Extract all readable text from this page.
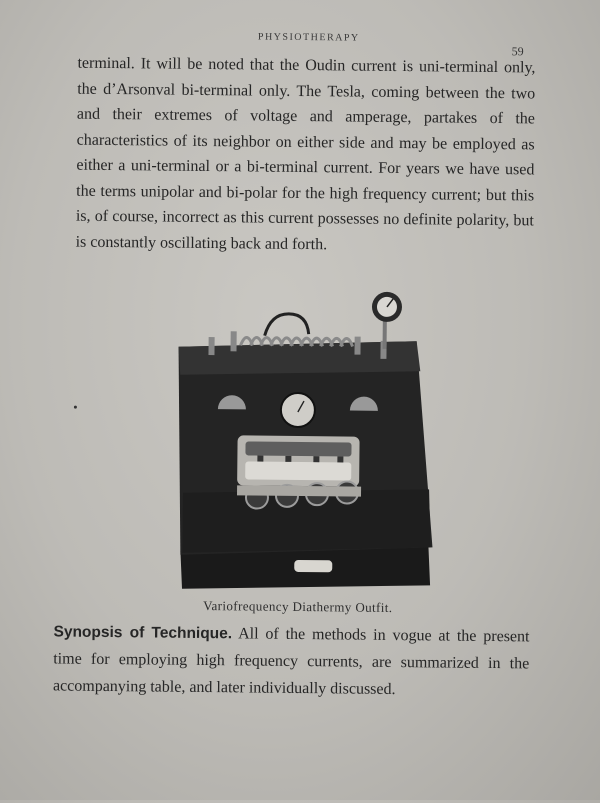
PHYSIOTHERAPY
59
terminal. It will be noted that the Oudin current is uni-terminal only, the d’Arsonval bi-terminal only. The Tesla, coming between the two and their extremes of voltage and amperage, partakes of the characteristics of its neighbor on either side and may be employed as either a uni-terminal or a bi-terminal current. For years we have used the terms unipolar and bi-polar for the high frequency current; but this is, of course, incorrect as this current possesses no definite polarity, but is constantly oscillating back and forth.
Variofrequency Diathermy Outfit.
Synopsis of Technique. All of the methods in vogue at the present time for employing high frequency currents, are summarized in the accompanying table, and later individually discussed.
